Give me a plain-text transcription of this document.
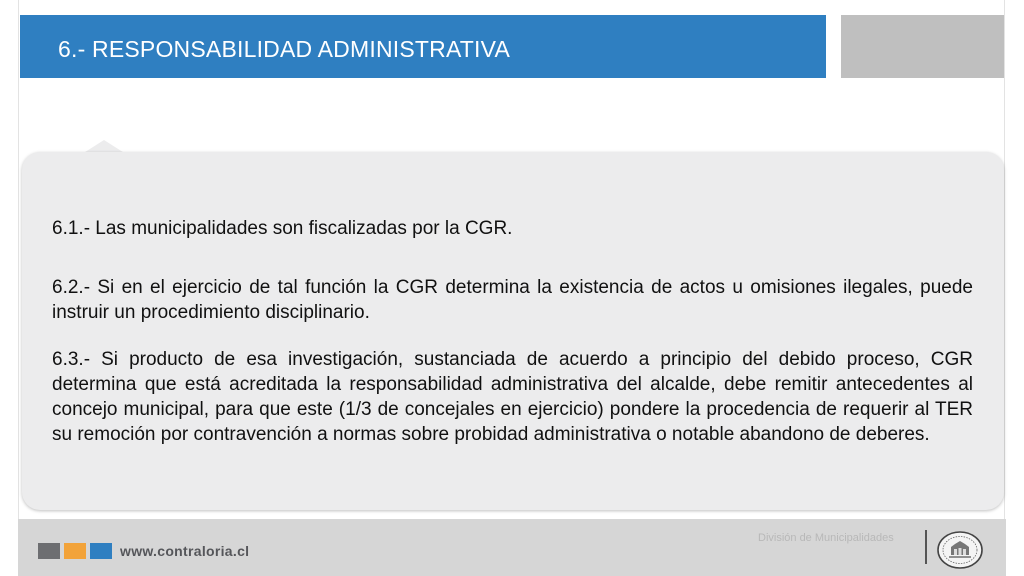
6.- RESPONSABILIDAD ADMINISTRATIVA

6.1.- Las municipalidades son fiscalizadas por la CGR.

6.2.- Si en el ejercicio de tal función la CGR determina la existencia de actos u omisiones ilegales, puede instruir un procedimiento disciplinario.

6.3.- Si producto de esa investigación, sustanciada de acuerdo a principio del debido proceso, CGR determina que está acreditada la responsabilidad administrativa del alcalde, debe remitir antecedentes al concejo municipal, para que este (1/3 de concejales en ejercicio) pondere la procedencia de requerir al TER su remoción por contravención a normas sobre probidad administrativa o notable abandono de deberes.

www.contraloria.cl
División de Municipalidades
